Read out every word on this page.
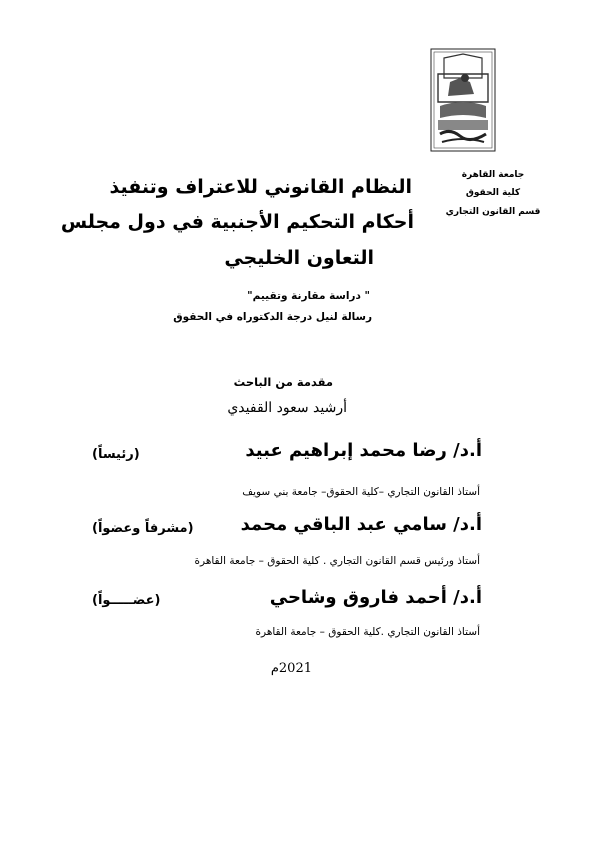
جامعة القاهرة
كلية الحقوق
قسم القانون التجاري
النظام القانوني للاعتراف وتنفيذ
أحكام التحكيم الأجنبية في دول مجلس
التعاون الخليجي
" دراسة مقارنة وتقييم"
رسالة لنيل درجة الدكتوراه في الحقوق
مقدمة من الباحث
أرشيد سعود القفيدي
أ.د/ رضا محمد إبراهيم عبيد
(رئيساً)
أستاذ القانون التجاري –كلية الحقوق– جامعة بني سويف
أ.د/ سامي عبد الباقي محمد
(مشرفاً وعضواً)
أستاذ ورئيس قسم القانون التجاري . كلية الحقوق – جامعة القاهرة
أ.د/ أحمد فاروق وشاحي
(عضـــــواً)
أستاذ القانون التجاري .كلية الحقوق – جامعة القاهرة
2021م
